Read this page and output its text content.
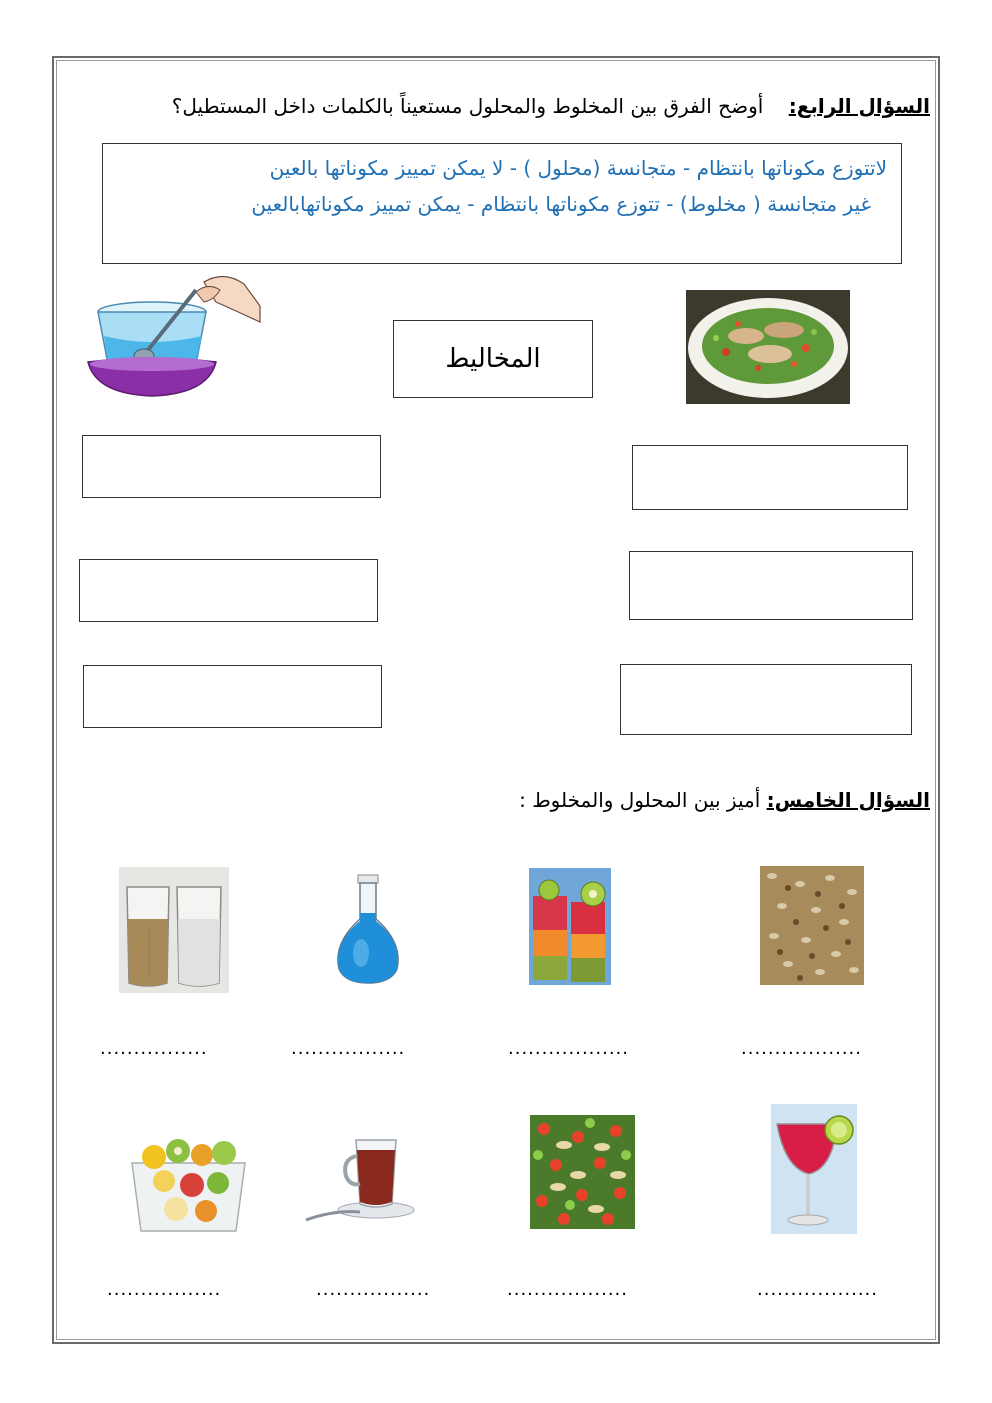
السؤال الرابع:    أوضح الفرق بين المخلوط والمحلول مستعيناً بالكلمات داخل المستطيل؟
لاتتوزع مكوناتها بانتظام - متجانسة (محلول ) - لا يمكن تمييز مكوناتها بالعين
غير متجانسة ( مخلوط) - تتوزع مكوناتها بانتظام - يمكن تمييز مكوناتهابالعين
المخاليط
السؤال الخامس: أميز بين المحلول والمخلوط :
................	.................	..................	..................
.................	.................	..................	..................
